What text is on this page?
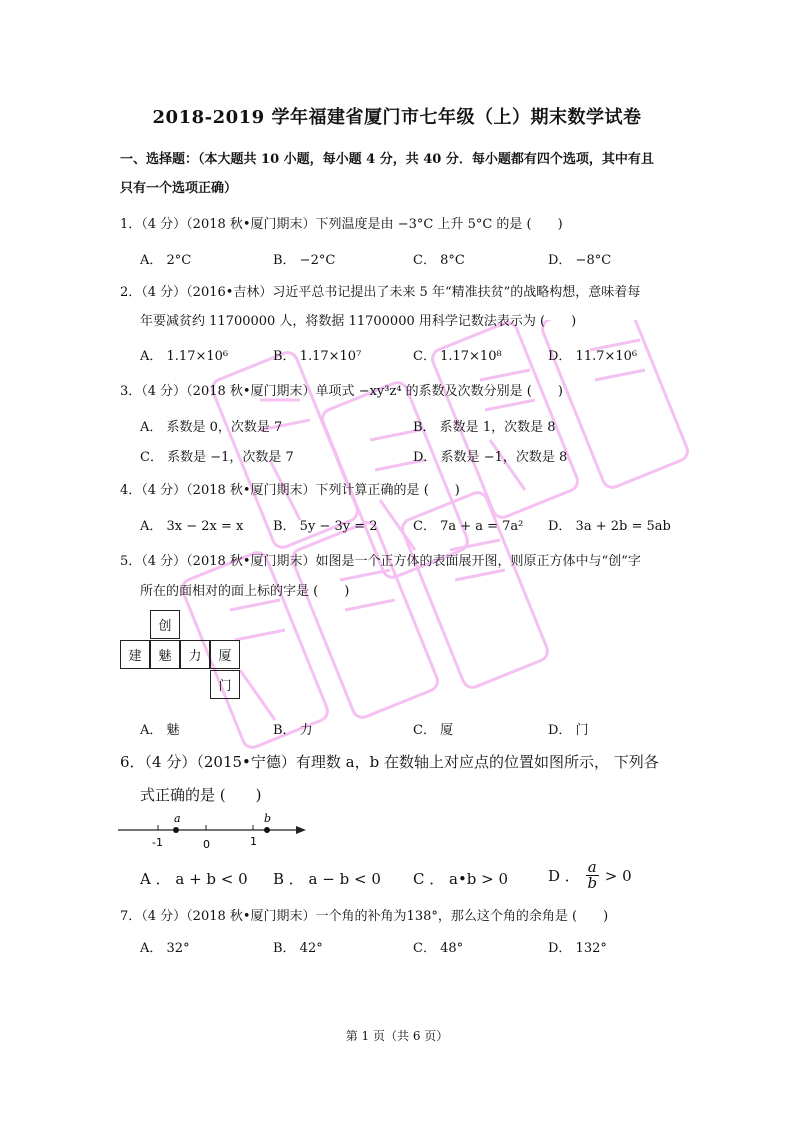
2018-2019 学年福建省厦门市七年级（上）期末数学试卷
一、选择题：（本大题共 10 小题，每小题 4 分，共 40 分．每小题都有四个选项，其中有且
只有一个选项正确）
1．（4 分）（2018 秋•厦门期末）下列温度是由 −3°C 上升 5°C 的是 (　　)
A． 2°C	B． −2°C	C． 8°C	D． −8°C
2．（4 分）（2016•吉林）习近平总书记提出了未来 5 年“精准扶贫”的战略构想，意味着每
年要减贫约 11700000 人，将数据 11700000 用科学记数法表示为 (　　)
A． 1.17×10⁶	B． 1.17×10⁷	C． 1.17×10⁸	D． 11.7×10⁶
3．（4 分）（2018 秋•厦门期末）单项式 −xy³z⁴ 的系数及次数分别是 (　　)
A． 系数是 0，次数是 7	B． 系数是 1，次数是 8
C． 系数是 −1，次数是 7	D． 系数是 −1，次数是 8
4．（4 分）（2018 秋•厦门期末）下列计算正确的是 (　　)
A． 3x − 2x = x B． 5y − 3y = 2	C． 7a + a = 7a² D． 3a + 2b = 5ab
5．（4 分）（2018 秋•厦门期末）如图是一个正方体的表面展开图，则原正方体中与“创”字
所在的面相对的面上标的字是 (　　)
创
建	魅	力	厦
门
A． 魅	B． 力	C． 厦	D． 门
6．（4 分）（2015•宁德）有理数 a，b 在数轴上对应点的位置如图所示， 下列各
式正确的是 (　　)
a	b
-1	0	1
A ． a + b < 0 B ． a − b < 0 C ． a•b > 0	D ． $\frac{a}{b} > 0$
7．（4 分）（2018 秋•厦门期末）一个角的补角为138°，那么这个角的余角是 (　　)
A． 32°	B． 42°	C． 48°	D． 132°
第 1 页（共 6 页）
